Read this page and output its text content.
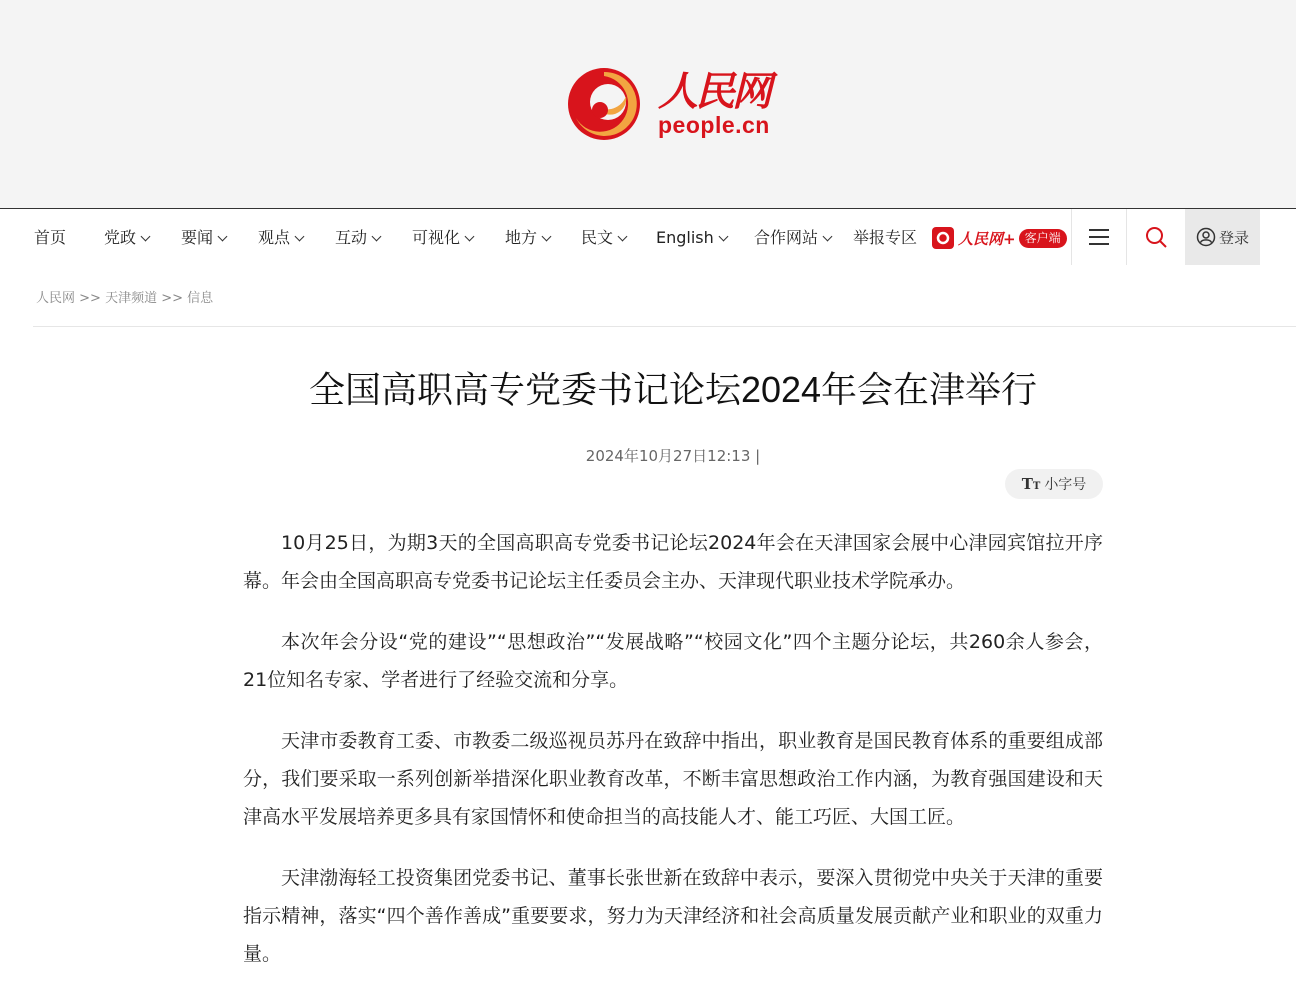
人民网
people.cn
首页 党政	要闻	观点	互动	可视化	地方	民文	English	合作网站	举报专区	人民网+ 客户端	登录
人民网 >> 天津频道 >> 信息
全国高职高专党委书记论坛2024年会在津举行
2024年10月27日12:13 |
TT 小字号

10月25日，为期3天的全国高职高专党委书记论坛2024年会在天津国家会展中心津园宾馆拉开序幕。年会由全国高职高专党委书记论坛主任委员会主办、天津现代职业技术学院承办。

本次年会分设“党的建设”“思想政治”“发展战略”“校园文化”四个主题分论坛，共260余人参会，21位知名专家、学者进行了经验交流和分享。

天津市委教育工委、市教委二级巡视员苏丹在致辞中指出，职业教育是国民教育体系的重要组成部分，我们要采取一系列创新举措深化职业教育改革，不断丰富思想政治工作内涵，为教育强国建设和天津高水平发展培养更多具有家国情怀和使命担当的高技能人才、能工巧匠、大国工匠。

天津渤海轻工投资集团党委书记、董事长张世新在致辞中表示，要深入贯彻党中央关于天津的重要指示精神，落实“四个善作善成”重要要求，努力为天津经济和社会高质量发展贡献产业和职业的双重力量。
